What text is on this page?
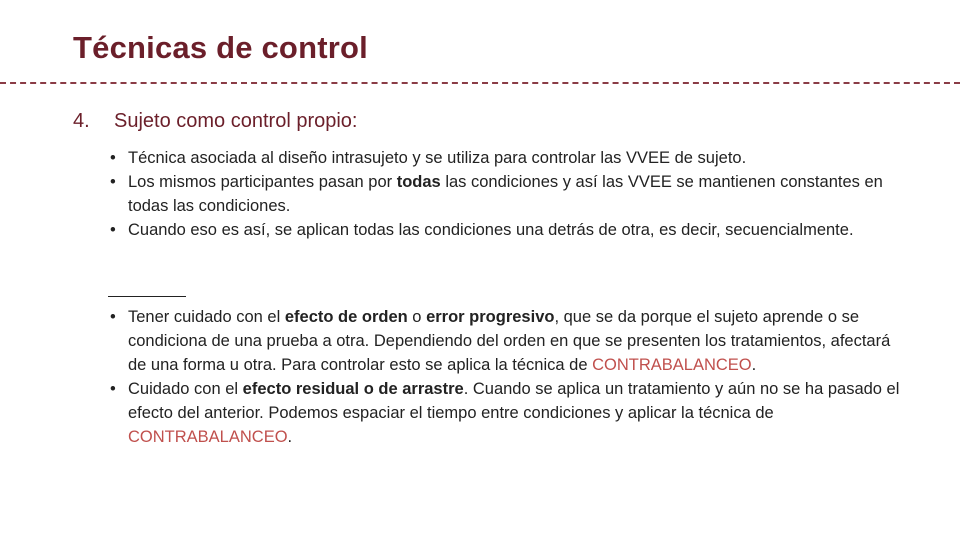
Técnicas de control
4. Sujeto como control propio:
• Técnica asociada al diseño intrasujeto y se utiliza para controlar las VVEE de sujeto.
• Los mismos participantes pasan por todas las condiciones y así las VVEE se mantienen constantes en todas las condiciones.
• Cuando eso es así, se aplican todas las condiciones una detrás de otra, es decir, secuencialmente.
• Tener cuidado con el efecto de orden o error progresivo, que se da porque el sujeto aprende o se condiciona de una prueba a otra. Dependiendo del orden en que se presenten los tratamientos, afectará de una forma u otra. Para controlar esto se aplica la técnica de CONTRABALANCEO.
• Cuidado con el efecto residual o de arrastre. Cuando se aplica un tratamiento y aún no se ha pasado el efecto del anterior. Podemos espaciar el tiempo entre condiciones y aplicar la técnica de CONTRABALANCEO.
